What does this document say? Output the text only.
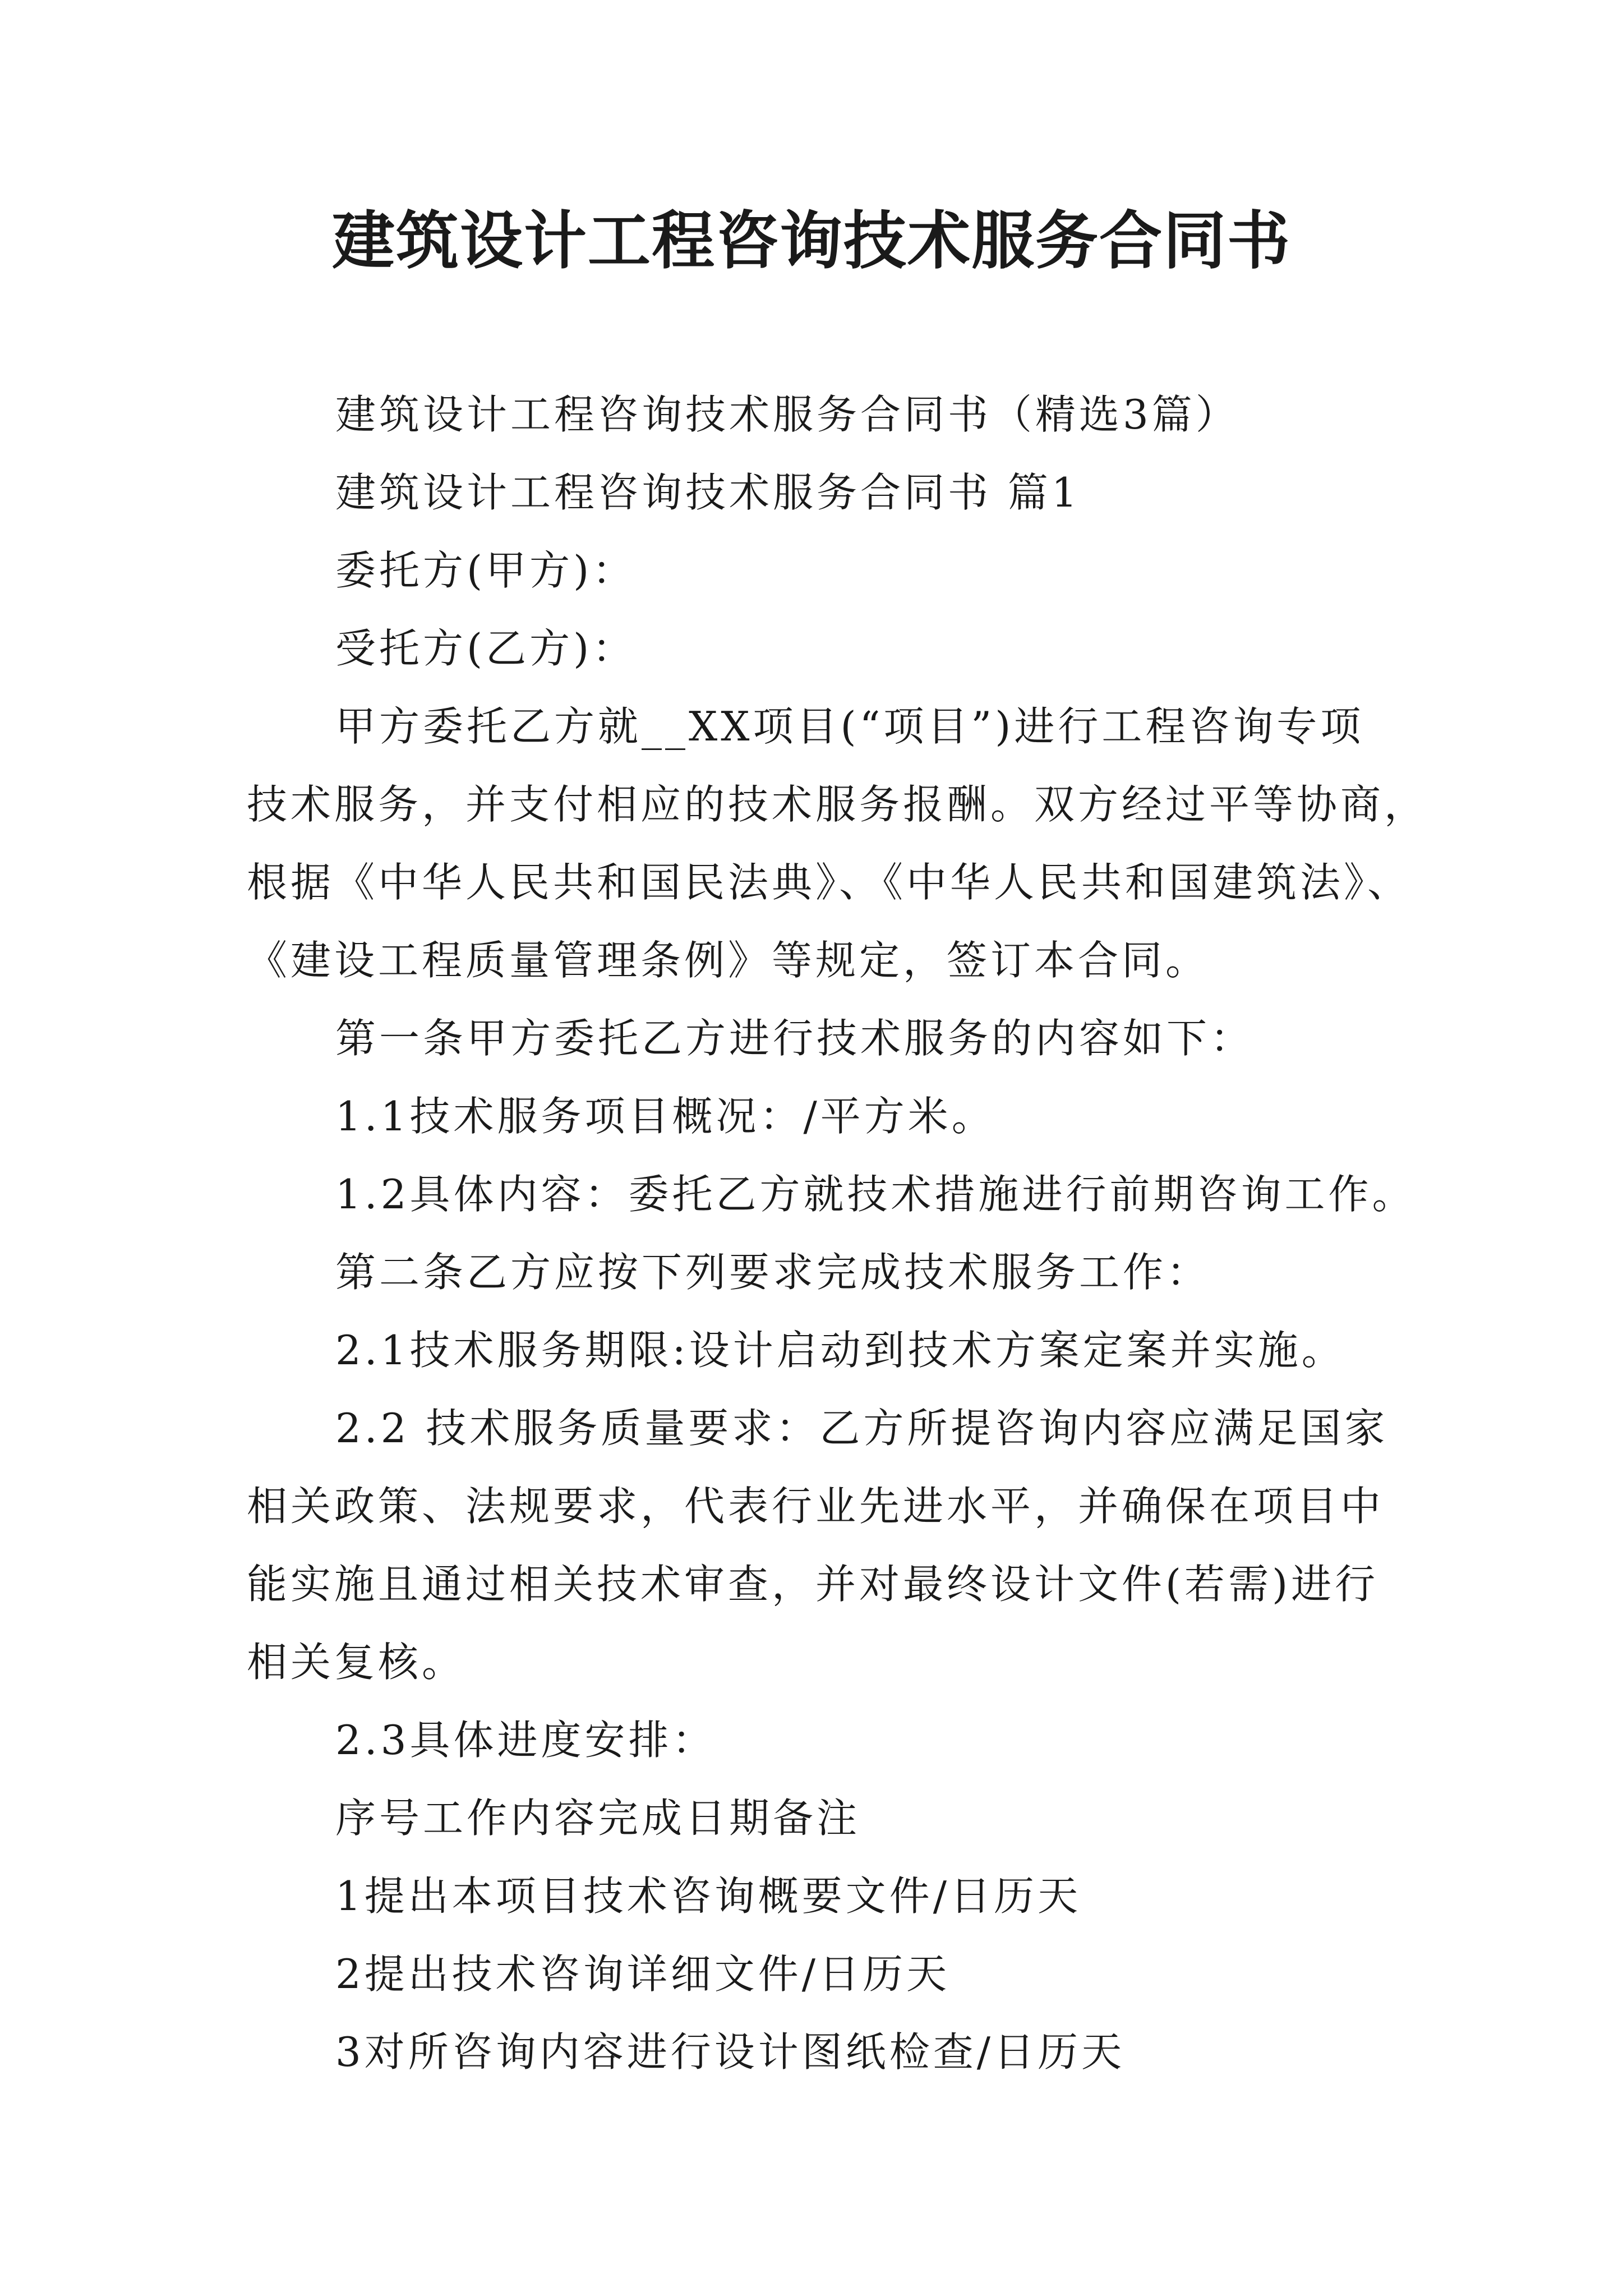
建筑设计工程咨询技术服务合同书

建筑设计工程咨询技术服务合同书（精选3篇）

建筑设计工程咨询技术服务合同书 篇1

委托方(甲方)：

受托方(乙方)：

甲方委托乙方就__XX项目(“项目”)进行工程咨询专项

技术服务，并支付相应的技术服务报酬。双方经过平等协商，

根据《中华人民共和国民法典》、《中华人民共和国建筑法》、

《建设工程质量管理条例》等规定，签订本合同。

第一条甲方委托乙方进行技术服务的内容如下：

1.1技术服务项目概况：/平方米。

1.2具体内容：委托乙方就技术措施进行前期咨询工作。

第二条乙方应按下列要求完成技术服务工作：

2.1技术服务期限:设计启动到技术方案定案并实施。

2.2 技术服务质量要求：乙方所提咨询内容应满足国家

相关政策、法规要求，代表行业先进水平，并确保在项目中

能实施且通过相关技术审查，并对最终设计文件(若需)进行

相关复核。

2.3具体进度安排：

序号工作内容完成日期备注

1提出本项目技术咨询概要文件/日历天

2提出技术咨询详细文件/日历天

3对所咨询内容进行设计图纸检查/日历天
